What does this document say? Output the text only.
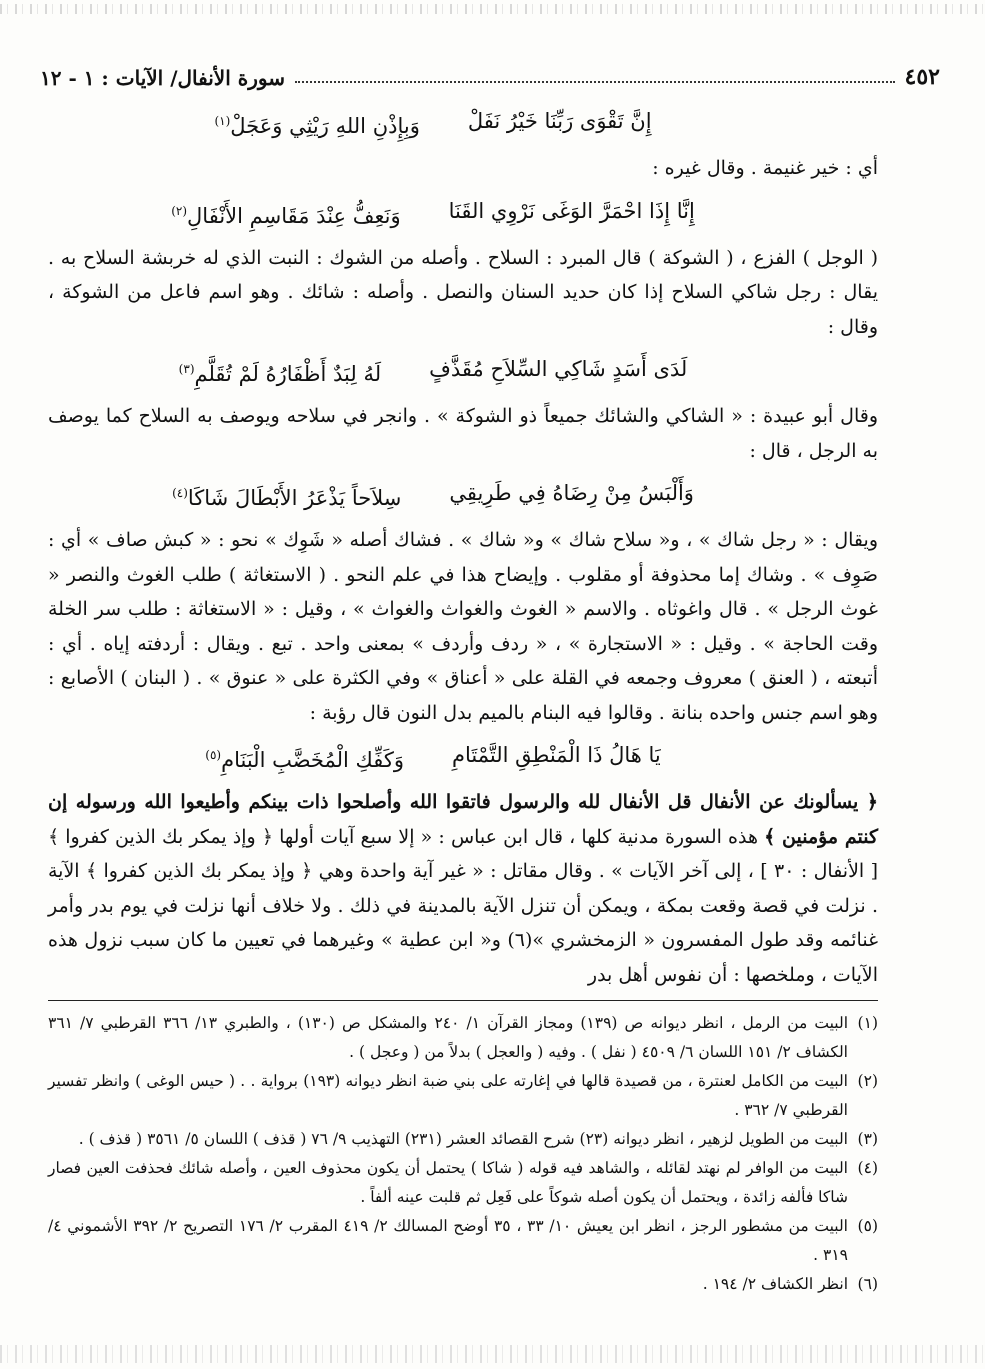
٤٥٢
سورة الأنفال/ الآيات : ١ - ١٢
إِنَّ تَقْوَى رَبِّنَا خَيْرُ نَفَلْ
وَبِإِذْنِ اللهِ رَيْثِي وَعَجَلْ$^{(١)}$

أي : خير غنيمة . وقال غيره :

إِنَّا إِذَا احْمَرَّ الوَغَى نَرْوِي القَنَا
وَنَعِفُّ عِنْدَ مَقَاسِمِ الأَنْفَالِ$^{(٢)}$

( الوجل ) الفزع ، ( الشوكة ) قال المبرد : السلاح . وأصله من الشوك : النبت الذي له خربشة السلاح به . يقال : رجل شاكي السلاح إذا كان حديد السنان والنصل . وأصله : شائك . وهو اسم فاعل من الشوكة ، وقال :

لَدَى أَسَدٍ شَاكِي السِّلاَحِ مُقَذَّفٍ
لَهُ لِبَدٌ أَظْفَارُهُ لَمْ تُقَلَّمِ$^{(٣)}$

وقال أبو عبيدة : « الشاكي والشائك جميعاً ذو الشوكة » . وانجر في سلاحه ويوصف به السلاح كما يوصف به الرجل ، قال :

وَأَلْبَسُ مِنْ رِضَاهُ فِي طَرِيقِي
سِلاَحاً يَذْعَرُ الأَبْطَالَ شَاكَا$^{(٤)}$

ويقال : « رجل شاك » ، و« سلاح شاك » و« شاك » . فشاك أصله « شَوِك » نحو : « كبش صاف » أي : صَوِف » . وشاك إما محذوفة أو مقلوب . وإيضاح هذا في علم النحو . ( الاستغاثة ) طلب الغوث والنصر « غوث الرجل » . قال واغوثاه . والاسم « الغوث والغواث والغواث » ، وقيل : « الاستغاثة : طلب سر الخلة وقت الحاجة » . وقيل : « الاستجارة » ، « ردف وأردف » بمعنى واحد . تبع . ويقال : أردفته إياه . أي : أتبعته ، ( العنق ) معروف وجمعه في القلة على « أعناق » وفي الكثرة على « عنوق » . ( البنان ) الأصابع : وهو اسم جنس واحده بنانة . وقالوا فيه البنام بالميم بدل النون قال رؤبة :

يَا هَالُ ذَا الْمَنْطِقِ التَّمْتَامِ
وَكَفِّكِ الْمُخَضَّبِ الْبَنَامِ$^{(٥)}$

﴿ يسألونك عن الأنفال قل الأنفال لله والرسول فاتقوا الله وأصلحوا ذات بينكم وأطيعوا الله ورسوله إن كنتم مؤمنين ﴾ هذه السورة مدنية كلها ، قال ابن عباس : « إلا سبع آيات أولها ﴿ وإذ يمكر بك الذين كفروا ﴾ [ الأنفال : ٣٠ ] ، إلى آخر الآيات » . وقال مقاتل : « غير آية واحدة وهي ﴿ وإذ يمكر بك الذين كفروا ﴾ الآية . نزلت في قصة وقعت بمكة ، ويمكن أن تنزل الآية بالمدينة في ذلك . ولا خلاف أنها نزلت في يوم بدر وأمر غنائمه وقد طول المفسرون « الزمخشري »(٦) و« ابن عطية » وغيرهما في تعيين ما كان سبب نزول هذه الآيات ، وملخصها : أن نفوس أهل بدر

(١)
البيت من الرمل ، انظر ديوانه ص (١٣٩) ومجاز القرآن ١/ ٢٤٠ والمشكل ص (١٣٠) ، والطبري ١٣/ ٣٦٦ القرطبي ٧/ ٣٦١ الكشاف ٢/ ١٥١ اللسان ٦/ ٤٥٠٩ ( نفل ) . وفيه ( والعجل ) بدلاً من ( وعجل ) .
(٢)
البيت من الكامل لعنترة ، من قصيدة قالها في إغارته على بني ضبة انظر ديوانه (١٩٣) برواية . . ( حيس الوغى ) وانظر تفسير القرطبي ٧/ ٣٦٢ .
(٣)
البيت من الطويل لزهير ، انظر ديوانه (٢٣) شرح القصائد العشر (٢٣١) التهذيب ٩/ ٧٦ ( قذف ) اللسان ٥/ ٣٥٦١ ( قذف ) .
(٤)
البيت من الوافر لم نهتد لقائله ، والشاهد فيه قوله ( شاكا ) يحتمل أن يكون محذوف العين ، وأصله شائك فحذفت العين فصار شاكا فألفه زائدة ، ويحتمل أن يكون أصله شوكاً على فَعِل ثم قلبت عينه ألفاً .
(٥)
البيت من مشطور الرجز ، انظر ابن يعيش ١٠/ ٣٣ ، ٣٥ أوضح المسالك ٢/ ٤١٩ المقرب ٢/ ١٧٦ التصريح ٢/ ٣٩٢ الأشموني ٤/ ٣١٩ .
(٦)
انظر الكشاف ٢/ ١٩٤ .
